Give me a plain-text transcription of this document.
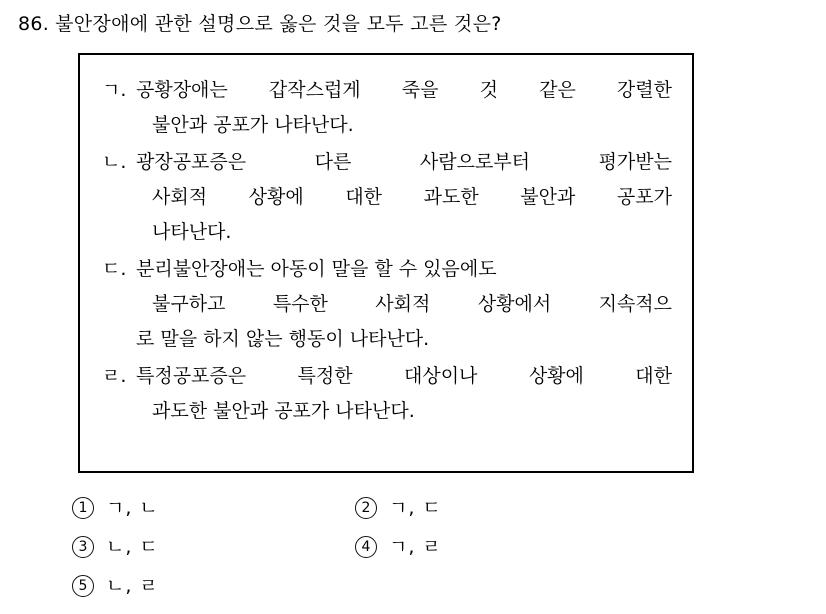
86. 불안장애에 관한 설명으로 옳은 것을 모두 고른 것은?
ㄱ. 공황장애는 갑작스럽게 죽을 것 같은 강렬한
불안과 공포가 나타난다.
ㄴ. 광장공포증은 다른 사람으로부터 평가받는
사회적 상황에 대한 과도한 불안과 공포가
나타난다.
ㄷ. 분리불안장애는 아동이 말을 할 수 있음에도
불구하고 특수한 사회적 상황에서 지속적으
로 말을 하지 않는 행동이 나타난다.
ㄹ. 특정공포증은 특정한 대상이나 상황에 대한
과도한 불안과 공포가 나타난다.
1 ㄱ, ㄴ	2 ㄱ, ㄷ
3 ㄴ, ㄷ	4 ㄱ, ㄹ
5 ㄴ, ㄹ
